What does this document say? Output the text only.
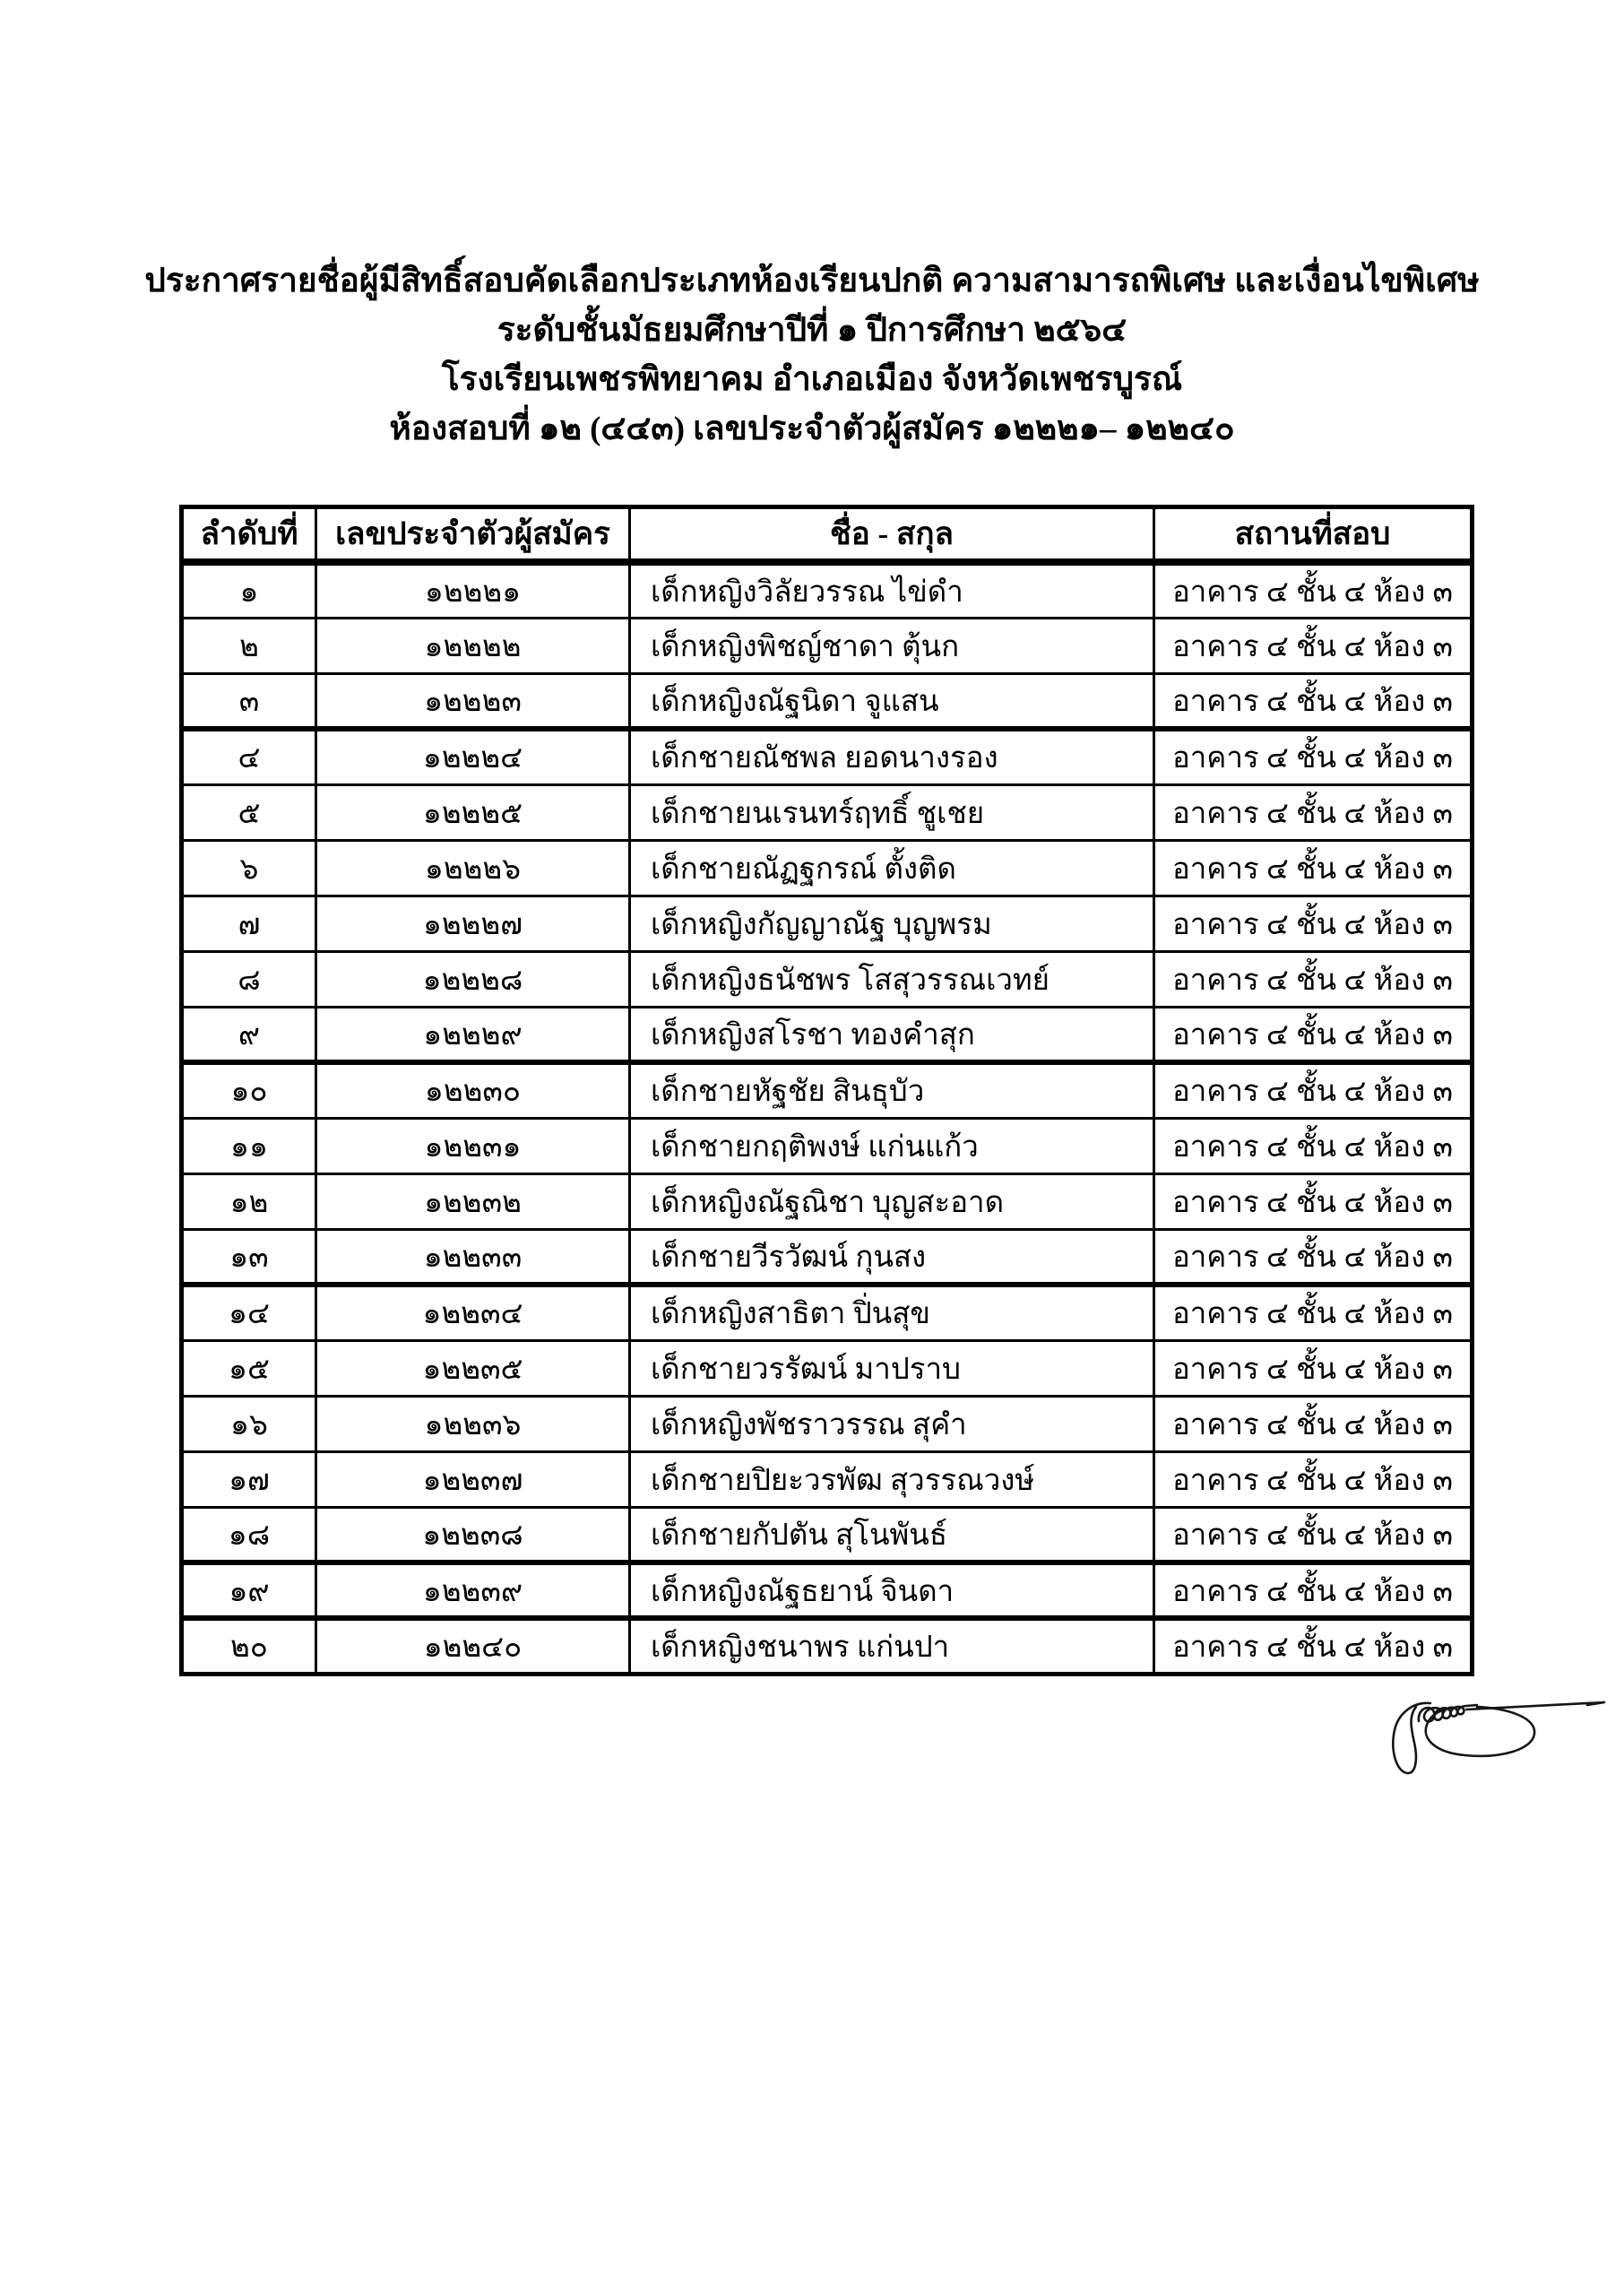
ประกาศรายชื่อผู้มีสิทธิ์สอบคัดเลือกประเภทห้องเรียนปกติ ความสามารถพิเศษ และเงื่อนไขพิเศษ
ระดับชั้นมัธยมศึกษาปีที่ ๑ ปีการศึกษา ๒๕๖๔
โรงเรียนเพชรพิทยาคม อำเภอเมือง จังหวัดเพชรบูรณ์
ห้องสอบที่ ๑๒ (๔๔๓) เลขประจำตัวผู้สมัคร ๑๒๒๒๑– ๑๒๒๔๐
ลำดับที่	เลขประจำตัวผู้สมัคร	ชื่อ - สกุล	สถานที่สอบ
๑	๑๒๒๒๑	เด็กหญิงวิลัยวรรณ ไข่ดำ	อาคาร ๔ ชั้น ๔ ห้อง ๓
๒	๑๒๒๒๒	เด็กหญิงพิชญ์ชาดา ตุ้นก	อาคาร ๔ ชั้น ๔ ห้อง ๓
๓	๑๒๒๒๓	เด็กหญิงณัฐนิดา จูแสน	อาคาร ๔ ชั้น ๔ ห้อง ๓
๔	๑๒๒๒๔	เด็กชายณัชพล ยอดนางรอง	อาคาร ๔ ชั้น ๔ ห้อง ๓
๕	๑๒๒๒๕	เด็กชายนเรนทร์ฤทธิ์ ชูเชย	อาคาร ๔ ชั้น ๔ ห้อง ๓
๖	๑๒๒๒๖	เด็กชายณัฏฐกรณ์ ตั้งติด	อาคาร ๔ ชั้น ๔ ห้อง ๓
๗	๑๒๒๒๗	เด็กหญิงกัญญาณัฐ บุญพรม	อาคาร ๔ ชั้น ๔ ห้อง ๓
๘	๑๒๒๒๘	เด็กหญิงธนัชพร โสสุวรรณเวทย์	อาคาร ๔ ชั้น ๔ ห้อง ๓
๙	๑๒๒๒๙	เด็กหญิงสโรชา ทองคำสุก	อาคาร ๔ ชั้น ๔ ห้อง ๓
๑๐	๑๒๒๓๐	เด็กชายหัฐชัย สินธุบัว	อาคาร ๔ ชั้น ๔ ห้อง ๓
๑๑	๑๒๒๓๑	เด็กชายกฤติพงษ์ แก่นแก้ว	อาคาร ๔ ชั้น ๔ ห้อง ๓
๑๒	๑๒๒๓๒	เด็กหญิงณัฐณิชา บุญสะอาด	อาคาร ๔ ชั้น ๔ ห้อง ๓
๑๓	๑๒๒๓๓	เด็กชายวีรวัฒน์ กุนสง	อาคาร ๔ ชั้น ๔ ห้อง ๓
๑๔	๑๒๒๓๔	เด็กหญิงสาธิตา ปิ่นสุข	อาคาร ๔ ชั้น ๔ ห้อง ๓
๑๕	๑๒๒๓๕	เด็กชายวรรัฒน์ มาปราบ	อาคาร ๔ ชั้น ๔ ห้อง ๓
๑๖	๑๒๒๓๖	เด็กหญิงพัชราวรรณ สุคำ	อาคาร ๔ ชั้น ๔ ห้อง ๓
๑๗	๑๒๒๓๗	เด็กชายปิยะวรพัฒ สุวรรณวงษ์	อาคาร ๔ ชั้น ๔ ห้อง ๓
๑๘	๑๒๒๓๘	เด็กชายกัปตัน สุโนพันธ์	อาคาร ๔ ชั้น ๔ ห้อง ๓
๑๙	๑๒๒๓๙	เด็กหญิงณัฐธยาน์ จินดา	อาคาร ๔ ชั้น ๔ ห้อง ๓
๒๐	๑๒๒๔๐	เด็กหญิงชนาพร แก่นปา	อาคาร ๔ ชั้น ๔ ห้อง ๓
